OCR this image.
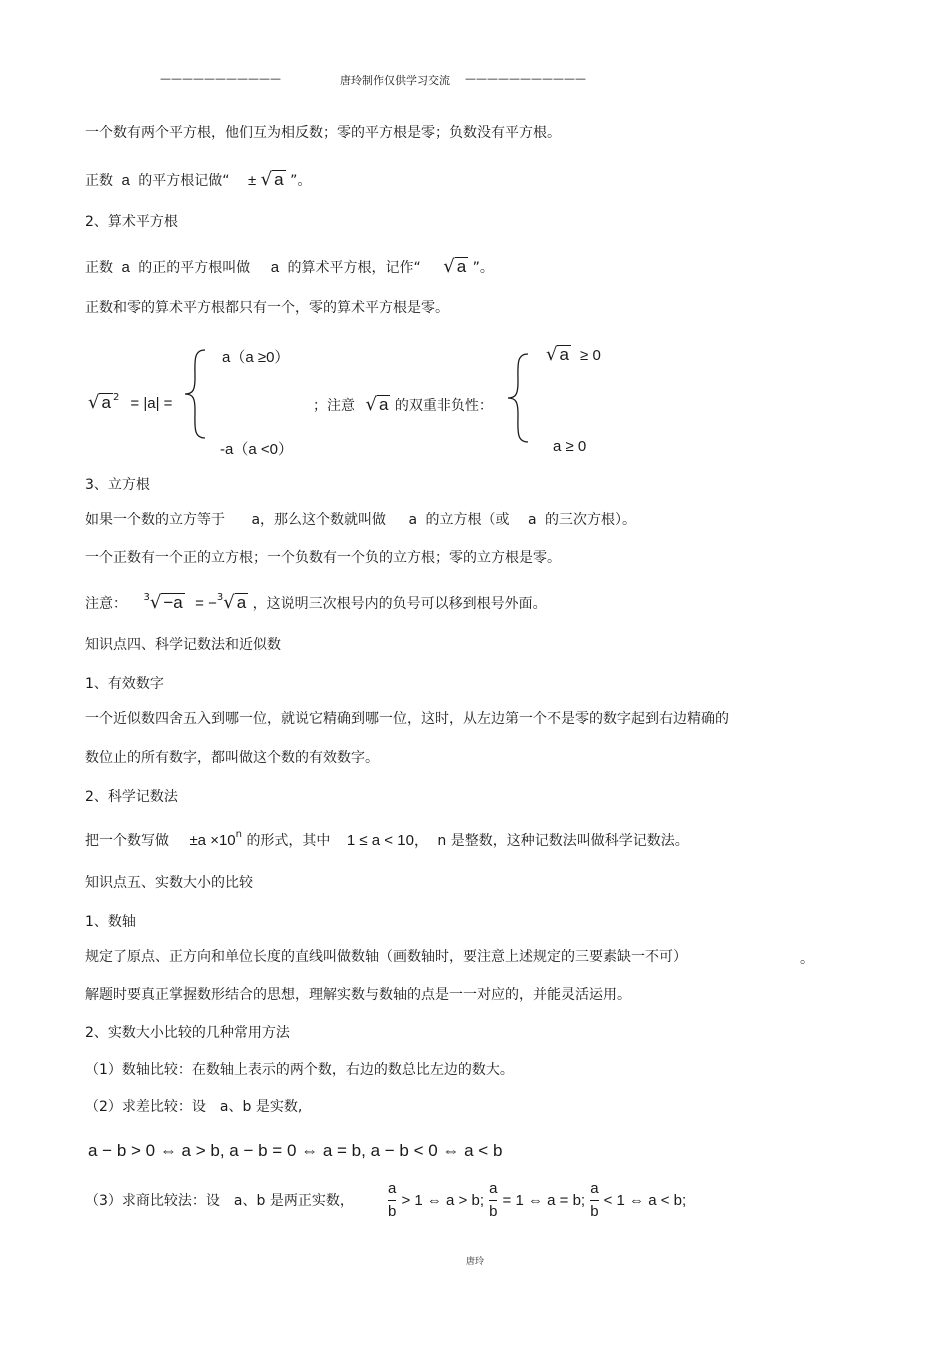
———————————	唐玲制作仅供学习交流 ———————————
一个数有两个平方根，他们互为相反数；零的平方根是零；负数没有平方根。
正数 a 的平方根记做“ ± √ a ”。
2、算术平方根
正数 a 的正的平方根叫做 a 的算术平方根，记作“ √ a ”。
正数和零的算术平方根都只有一个，零的算术平方根是零。
√ a $^2$ = |a| =
a（a ≥0）
-a（a <0）
；注意 √ a 的双重非负性：
√ a ≥ 0
a ≥ 0
3、立方根
如果一个数的立方等于 a，那么这个数就叫做 a 的立方根（或 a 的三次方根）。
一个正数有一个正的立方根；一个负数有一个负的立方根；零的立方根是零。
注意： $^3$√ −a = −$^3$√ a ，这说明三次根号内的负号可以移到根号外面。
知识点四、科学记数法和近似数
1、有效数字
一个近似数四舍五入到哪一位，就说它精确到哪一位，这时，从左边第一个不是零的数字起到右边精确的
数位止的所有数字，都叫做这个数的有效数字。
2、科学记数法
把一个数写做 $\pm a \times 10^n$ 的形式，其中 1 ≤ a < 10， n 是整数，这种记数法叫做科学记数法。
知识点五、实数大小的比较
1、数轴
规定了原点、正方向和单位长度的直线叫做数轴（画数轴时，要注意上述规定的三要素缺一不可）	。
解题时要真正掌握数形结合的思想，理解实数与数轴的点是一一对应的，并能灵活运用。
2、实数大小比较的几种常用方法
（1）数轴比较：在数轴上表示的两个数，右边的数总比左边的数大。
（2）求差比较：设　a、b 是实数,
a − b > 0 ⇔ a > b, a − b = 0 ⇔ a = b, a − b < 0 ⇔ a < b
（3）求商比较法：设　a、b 是两正实数， $\frac{a}{b} > 1$ ⇔ a > b; $\frac{a}{b} = 1$ ⇔ a = b; $\frac{a}{b} < 1$ ⇔ a < b;
唐玲
